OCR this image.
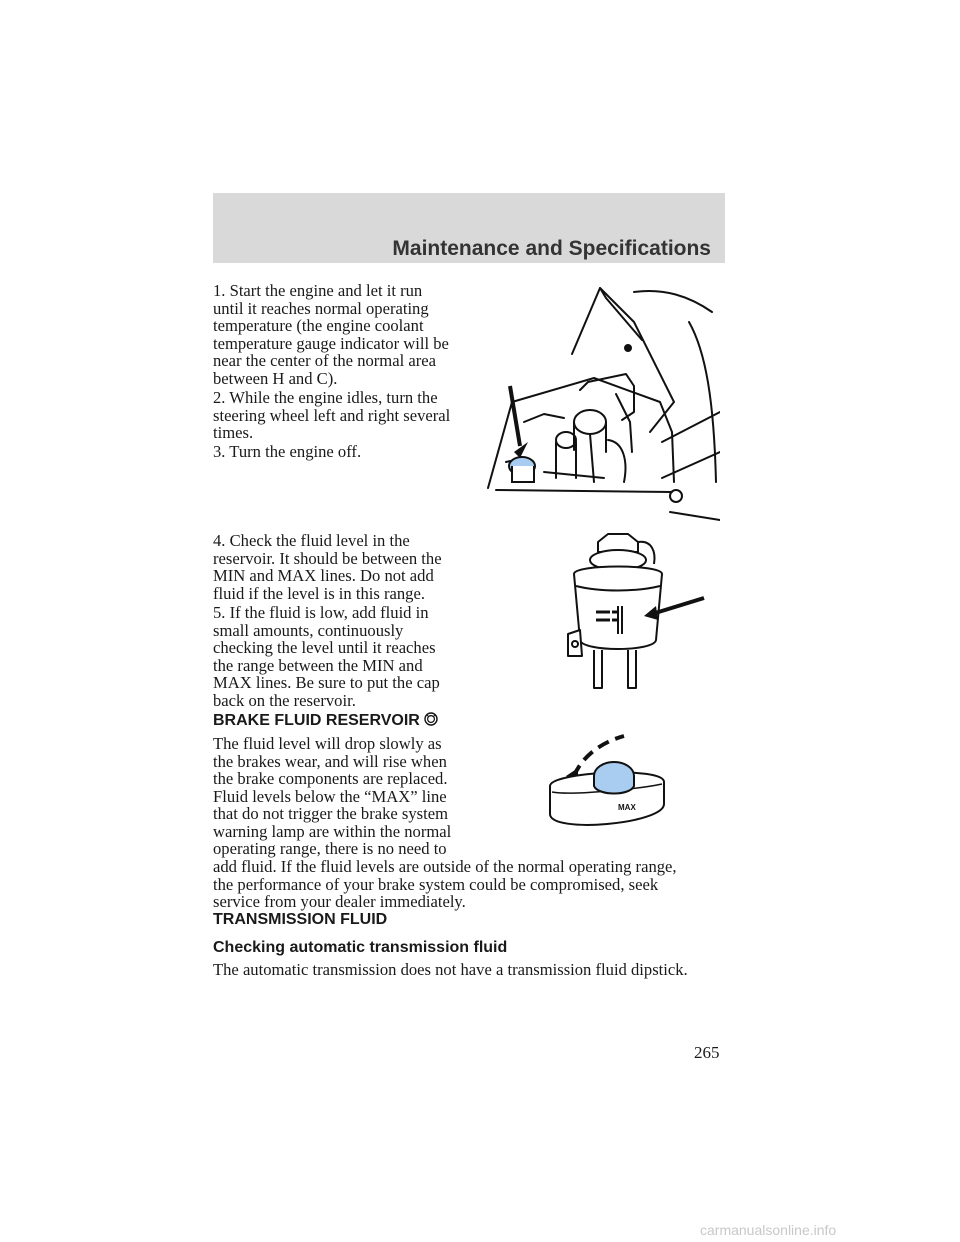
Maintenance and Specifications

1. Start the engine and let it run
until it reaches normal operating
temperature (the engine coolant
temperature gauge indicator will be
near the center of the normal area
between H and C).

2. While the engine idles, turn the
steering wheel left and right several
times.

3. Turn the engine off.

4. Check the fluid level in the
reservoir. It should be between the
MIN and MAX lines. Do not add
fluid if the level is in this range.

5. If the fluid is low, add fluid in
small amounts, continuously
checking the level until it reaches
the range between the MIN and
MAX lines. Be sure to put the cap
back on the reservoir.

BRAKE FLUID RESERVOIR

The fluid level will drop slowly as
the brakes wear, and will rise when
the brake components are replaced.
Fluid levels below the “MAX” line
that do not trigger the brake system
warning lamp are within the normal
operating range, there is no need to

add fluid. If the fluid levels are outside of the normal operating range,
the performance of your brake system could be compromised, seek
service from your dealer immediately.

MAX

TRANSMISSION FLUID

Checking automatic transmission fluid

The automatic transmission does not have a transmission fluid dipstick.

265
carmanualsonline.info
